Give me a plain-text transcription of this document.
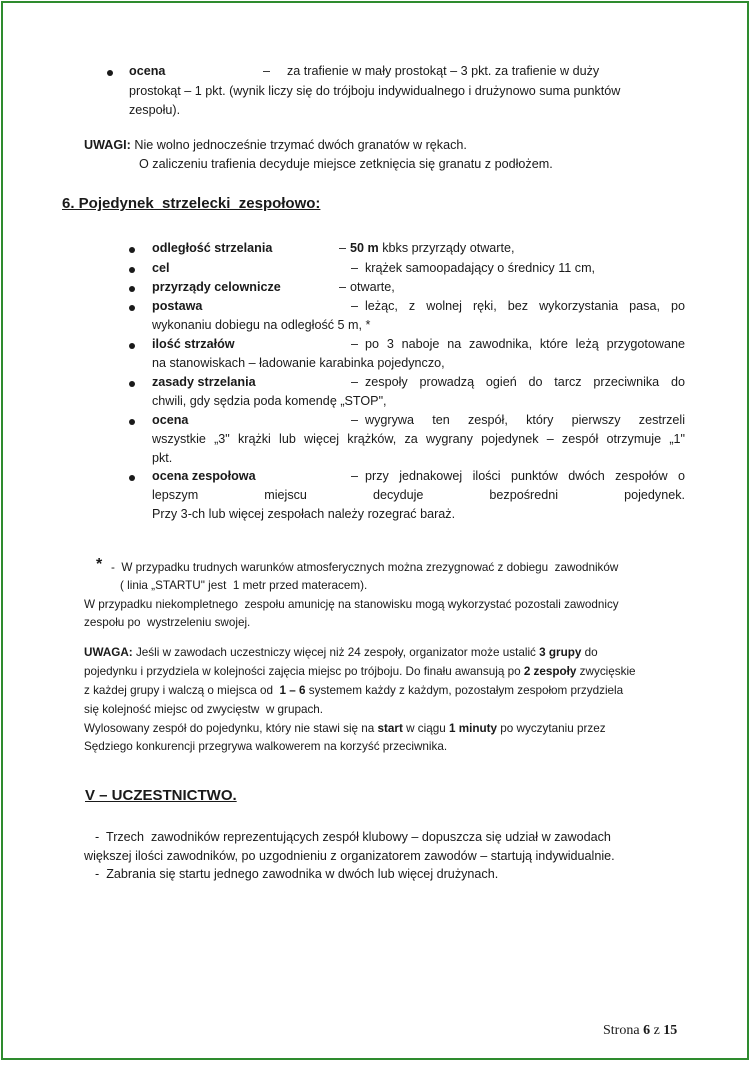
ocena	– za trafienie w mały prostokąt – 3 pkt. za trafienie w duży
prostokąt – 1 pkt. (wynik liczy się do trójboju indywidualnego i drużynowo suma punktów
zespołu).
UWAGI: Nie wolno jednocześnie trzymać dwóch granatów w rękach.
O zaliczeniu trafienia decyduje miejsce zetknięcia się granatu z podłożem.
6. Pojedynek  strzelecki  zespołowo:
odległość strzelania	– 50 m kbks przyrządy otwarte,
cel	– krążek samoopadający o średnicy 11 cm,
przyrządy celownicze	– otwarte,
postawa	– leżąc, z wolnej ręki, bez wykorzystania pasa, po
wykonaniu dobiegu na odległość 5 m, *
ilość strzałów	– po 3 naboje na zawodnika, które leżą przygotowane
na stanowiskach – ładowanie karabinka pojedynczo,
zasady strzelania	– zespoły prowadzą ogień do tarcz przeciwnika do
chwili, gdy sędzia poda komendę „STOP",
ocena	– wygrywa ten zespół, który pierwszy zestrzeli
wszystkie „3" krążki lub więcej krążków, za wygrany pojedynek – zespół otrzymuje „1"
pkt.
ocena zespołowa	– przy jednakowej ilości punktów dwóch zespołów o
lepszym miejscu decyduje bezpośredni pojedynek.
Przy 3-ch lub więcej zespołach należy rozegrać baraż.
* -  W przypadku trudnych warunków atmosferycznych można zrezygnować z dobiegu  zawodników
( linia „STARTU" jest  1 metr przed materacem).
W przypadku niekompletnego  zespołu amunicję na stanowisku mogą wykorzystać pozostali zawodnicy
zespołu po  wystrzeleniu swojej.
UWAGA: Jeśli w zawodach uczestniczy więcej niż 24 zespoły, organizator może ustalić 3 grupy do
pojedynku i przydziela w kolejności zajęcia miejsc po trójboju. Do finału awansują po 2 zespoły zwycięskie
z każdej grupy i walczą o miejsca od  1 – 6 systemem każdy z każdym, pozostałym zespołom przydziela
się kolejność miejsc od zwycięstw  w grupach.
Wylosowany zespół do pojedynku, który nie stawi się na start w ciągu 1 minuty po wyczytaniu przez
Sędziego konkurencji przegrywa walkowerem na korzyść przeciwnika.
V – UCZESTNICTWO.
-  Trzech  zawodników reprezentujących zespół klubowy – dopuszcza się udział w zawodach
większej ilości zawodników, po uzgodnieniu z organizatorem zawodów – startują indywidualnie.
-  Zabrania się startu jednego zawodnika w dwóch lub więcej drużynach.
Strona 6 z 15
